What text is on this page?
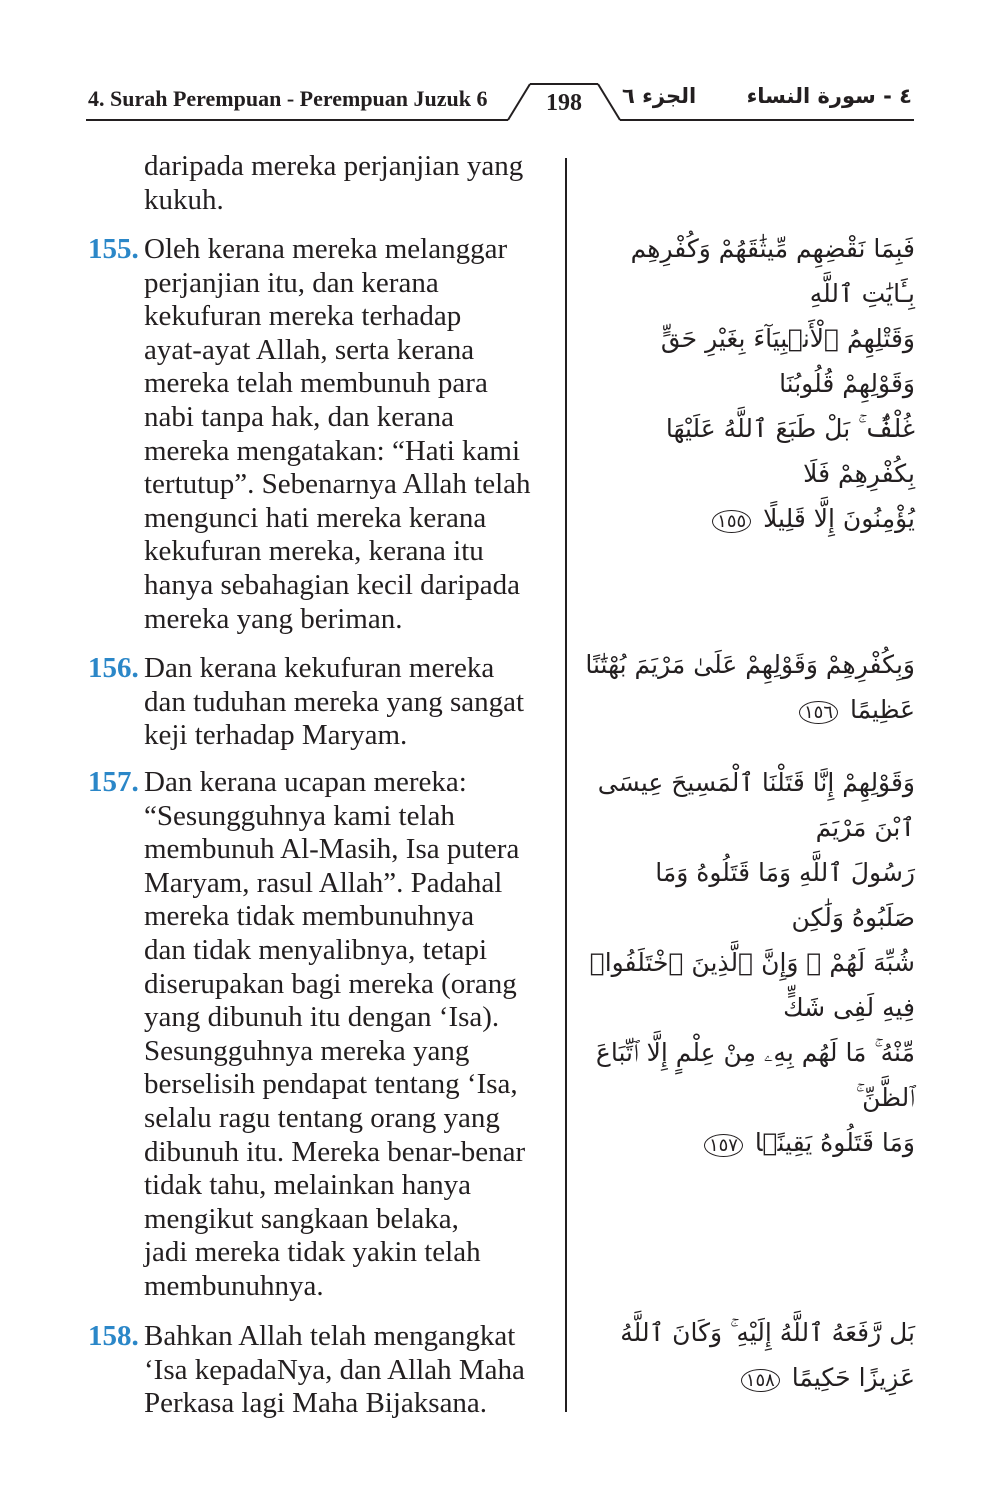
4. Surah Perempuan - Perempuan Juzuk 6	198	الجزء ٦ ٤ - سورة النساء
daripada mereka perjanjian yang
kukuh.
155. Oleh kerana mereka melanggar
perjanjian itu, dan kerana
kekufuran mereka terhadap
ayat-ayat Allah, serta kerana
mereka telah membunuh para
nabi tanpa hak, dan kerana
mereka mengatakan: “Hati kami
tertutup”. Sebenarnya Allah telah
mengunci hati mereka kerana
kekufuran mereka, kerana itu
hanya sebahagian kecil daripada
mereka yang beriman.
فَبِمَا نَقْضِهِم مِّيثَٰقَهُمْ وَكُفْرِهِم بِـَٔايَٰتِ ٱللَّهِ
وَقَتْلِهِمُ ٱلْأَنۢبِيَآءَ بِغَيْرِ حَقٍّ وَقَوْلِهِمْ قُلُوبُنَا
غُلْفٌۢ ۚ بَلْ طَبَعَ ٱللَّهُ عَلَيْهَا بِكُفْرِهِمْ فَلَا
يُؤْمِنُونَ إِلَّا قَلِيلًا ١٥٥
156. Dan kerana kekufuran mereka
dan tuduhan mereka yang sangat
keji terhadap Maryam.
وَبِكُفْرِهِمْ وَقَوْلِهِمْ عَلَىٰ مَرْيَمَ بُهْتَٰنًا عَظِيمًا ١٥٦
157. Dan kerana ucapan mereka:
“Sesungguhnya kami telah
membunuh Al-Masih, Isa putera
Maryam, rasul Allah”. Padahal
mereka tidak membunuhnya
dan tidak menyalibnya, tetapi
diserupakan bagi mereka (orang
yang dibunuh itu dengan ‘Isa).
Sesungguhnya mereka yang
berselisih pendapat tentang ‘Isa,
selalu ragu tentang orang yang
dibunuh itu. Mereka benar-benar
tidak tahu, melainkan hanya
mengikut sangkaan belaka,
jadi mereka tidak yakin telah
membunuhnya.
وَقَوْلِهِمْ إِنَّا قَتَلْنَا ٱلْمَسِيحَ عِيسَى ٱبْنَ مَرْيَمَ
رَسُولَ ٱللَّهِ وَمَا قَتَلُوهُ وَمَا صَلَبُوهُ وَلَٰكِن
شُبِّهَ لَهُمْ ۚ وَإِنَّ ٱلَّذِينَ ٱخْتَلَفُوا۟ فِيهِ لَفِى شَكٍّ
مِّنْهُ ۚ مَا لَهُم بِهِۦ مِنْ عِلْمٍ إِلَّا ٱتِّبَاعَ ٱلظَّنِّ ۚ
وَمَا قَتَلُوهُ يَقِينًۢا ١٥٧
158. Bahkan Allah telah mengangkat
‘Isa kepadaNya, dan Allah Maha
Perkasa lagi Maha Bijaksana.
بَل رَّفَعَهُ ٱللَّهُ إِلَيْهِ ۚ وَكَانَ ٱللَّهُ عَزِيزًا حَكِيمًا ١٥٨
